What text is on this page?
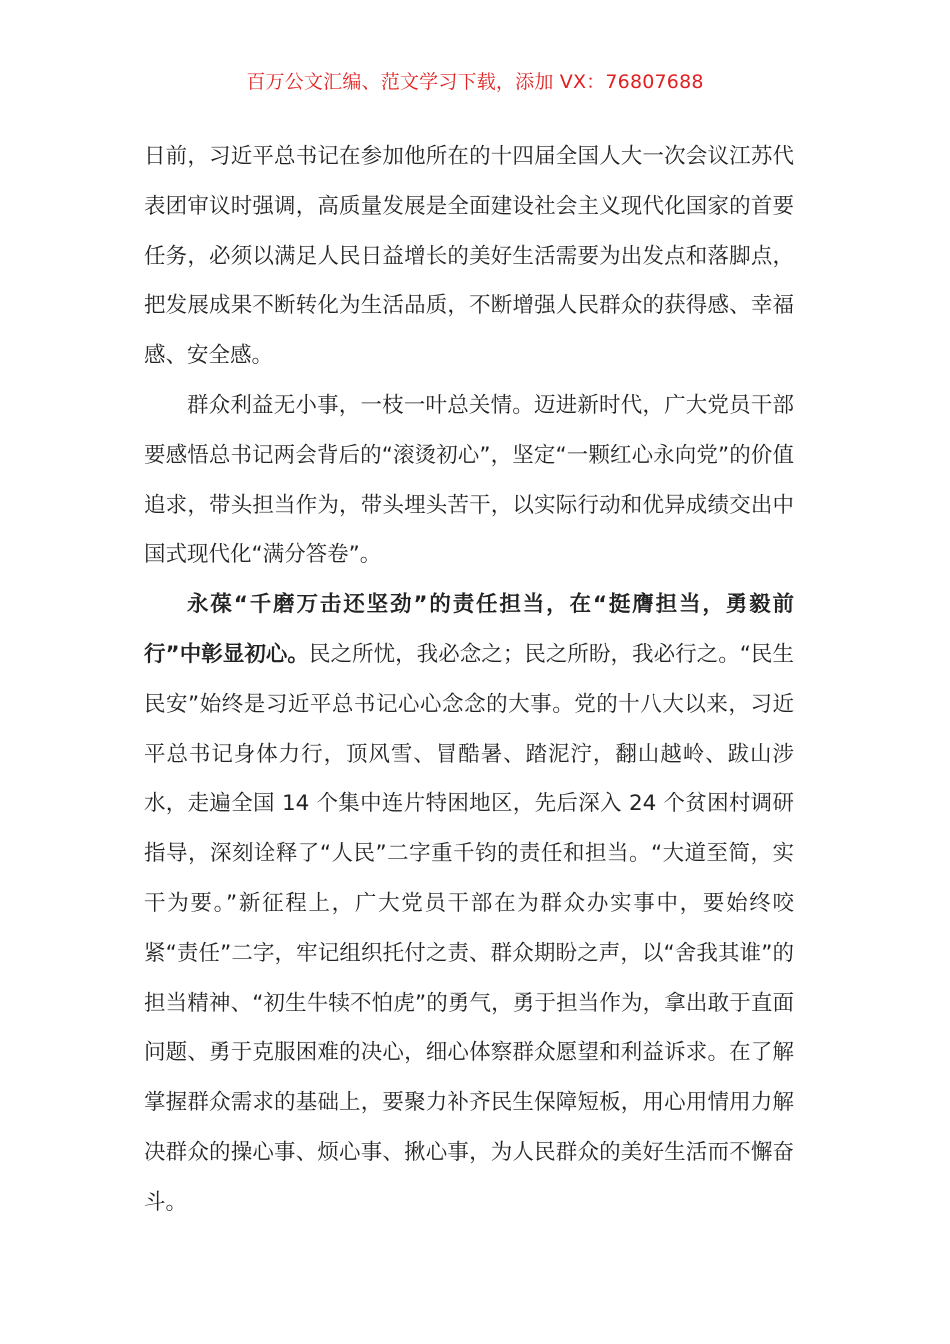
百万公文汇编、范文学习下载，添加 VX：76807688

日前，习近平总书记在参加他所在的十四届全国人大一次会议江苏代表团审议时强调，高质量发展是全面建设社会主义现代化国家的首要任务，必须以满足人民日益增长的美好生活需要为出发点和落脚点，把发展成果不断转化为生活品质，不断增强人民群众的获得感、幸福感、安全感。

群众利益无小事，一枝一叶总关情。迈进新时代，广大党员干部要感悟总书记两会背后的“滚烫初心”，坚定“一颗红心永向党”的价值追求，带头担当作为，带头埋头苦干，以实际行动和优异成绩交出中国式现代化“满分答卷”。

永葆“千磨万击还坚劲”的责任担当，在“挺膺担当，勇毅前行”中彰显初心。民之所忧，我必念之；民之所盼，我必行之。“民生民安”始终是习近平总书记心心念念的大事。党的十八大以来，习近平总书记身体力行，顶风雪、冒酷暑、踏泥泞，翻山越岭、跋山涉水，走遍全国 14 个集中连片特困地区，先后深入 24 个贫困村调研指导，深刻诠释了“人民”二字重千钧的责任和担当。“大道至简，实干为要。”新征程上，广大党员干部在为群众办实事中，要始终咬紧“责任”二字，牢记组织托付之责、群众期盼之声，以“舍我其谁”的担当精神、“初生牛犊不怕虎”的勇气，勇于担当作为，拿出敢于直面问题、勇于克服困难的决心，细心体察群众愿望和利益诉求。在了解掌握群众需求的基础上，要聚力补齐民生保障短板，用心用情用力解决群众的操心事、烦心事、揪心事，为人民群众的美好生活而不懈奋斗。
